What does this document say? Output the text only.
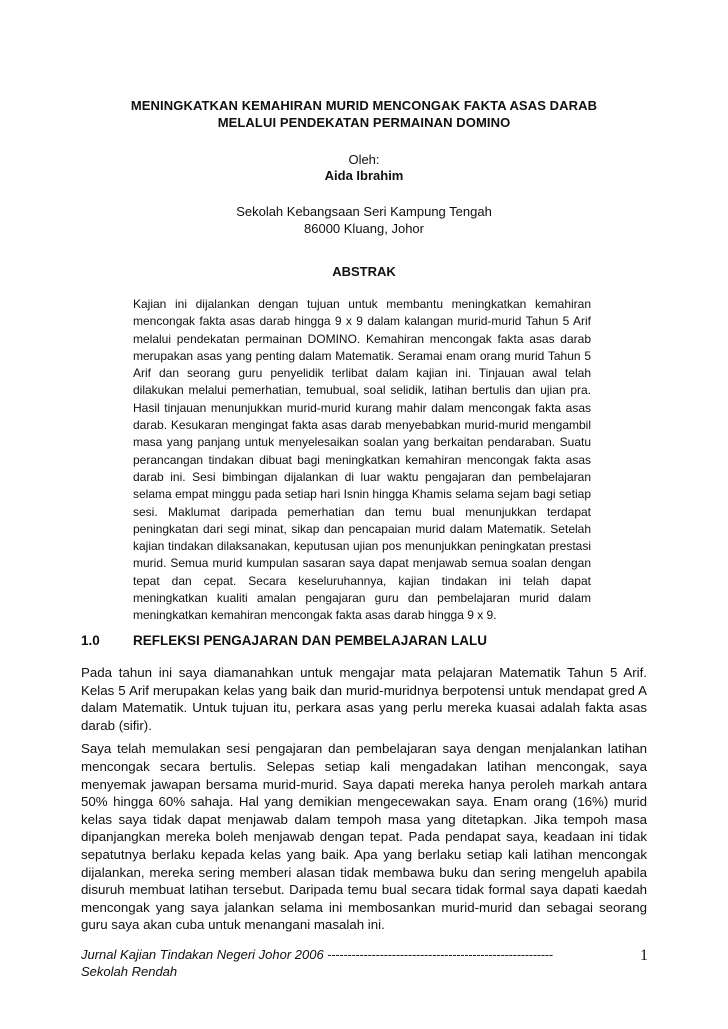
MENINGKATKAN KEMAHIRAN MURID MENCONGAK FAKTA ASAS DARAB
MELALUI PENDEKATAN PERMAINAN DOMINO
Oleh:
Aida Ibrahim
Sekolah Kebangsaan Seri Kampung Tengah
86000 Kluang, Johor
ABSTRAK

Kajian ini dijalankan dengan tujuan untuk membantu meningkatkan kemahiran mencongak fakta asas darab hingga 9 x 9 dalam kalangan murid-murid Tahun 5 Arif melalui pendekatan permainan DOMINO. Kemahiran mencongak fakta asas darab merupakan asas yang penting dalam Matematik. Seramai enam orang murid Tahun 5 Arif dan seorang guru penyelidik terlibat dalam kajian ini. Tinjauan awal telah dilakukan melalui pemerhatian, temubual, soal selidik, latihan bertulis dan ujian pra. Hasil tinjauan menunjukkan murid-murid kurang mahir dalam mencongak fakta asas darab. Kesukaran mengingat fakta asas darab menyebabkan murid-murid mengambil masa yang panjang untuk menyelesaikan soalan yang berkaitan pendaraban. Suatu perancangan tindakan dibuat bagi meningkatkan kemahiran mencongak fakta asas darab ini. Sesi bimbingan dijalankan di luar waktu pengajaran dan pembelajaran selama empat minggu pada setiap hari Isnin hingga Khamis selama sejam bagi setiap sesi. Maklumat daripada pemerhatian dan temu bual menunjukkan terdapat peningkatan dari segi minat, sikap dan pencapaian murid dalam Matematik. Setelah kajian tindakan dilaksanakan, keputusan ujian pos menunjukkan peningkatan prestasi murid. Semua murid kumpulan sasaran saya dapat menjawab semua soalan dengan tepat dan cepat. Secara keseluruhannya, kajian tindakan ini telah dapat meningkatkan kualiti amalan pengajaran guru dan pembelajaran murid dalam meningkatkan kemahiran mencongak fakta asas darab hingga 9 x 9.

1.0 REFLEKSI PENGAJARAN DAN PEMBELAJARAN LALU

Pada tahun ini saya diamanahkan untuk mengajar mata pelajaran Matematik Tahun 5 Arif. Kelas 5 Arif merupakan kelas yang baik dan murid-muridnya berpotensi untuk mendapat gred A dalam Matematik. Untuk tujuan itu, perkara asas yang perlu mereka kuasai adalah fakta asas darab (sifir).

Saya telah memulakan sesi pengajaran dan pembelajaran saya dengan menjalankan latihan mencongak secara bertulis. Selepas setiap kali mengadakan latihan mencongak, saya menyemak jawapan bersama murid-murid. Saya dapati mereka hanya peroleh markah antara 50% hingga 60% sahaja. Hal yang demikian mengecewakan saya. Enam orang (16%) murid kelas saya tidak dapat menjawab dalam tempoh masa yang ditetapkan. Jika tempoh masa dipanjangkan mereka boleh menjawab dengan tepat. Pada pendapat saya, keadaan ini tidak sepatutnya berlaku kepada kelas yang baik. Apa yang berlaku setiap kali latihan mencongak dijalankan, mereka sering memberi alasan tidak membawa buku dan sering mengeluh apabila disuruh membuat latihan tersebut. Daripada temu bual secara tidak formal saya dapati kaedah mencongak yang saya jalankan selama ini membosankan murid-murid dan sebagai seorang guru saya akan cuba untuk menangani masalah ini.

Jurnal Kajian Tindakan Negeri Johor 2006 --------------------------------------------------------
Sekolah Rendah
1
